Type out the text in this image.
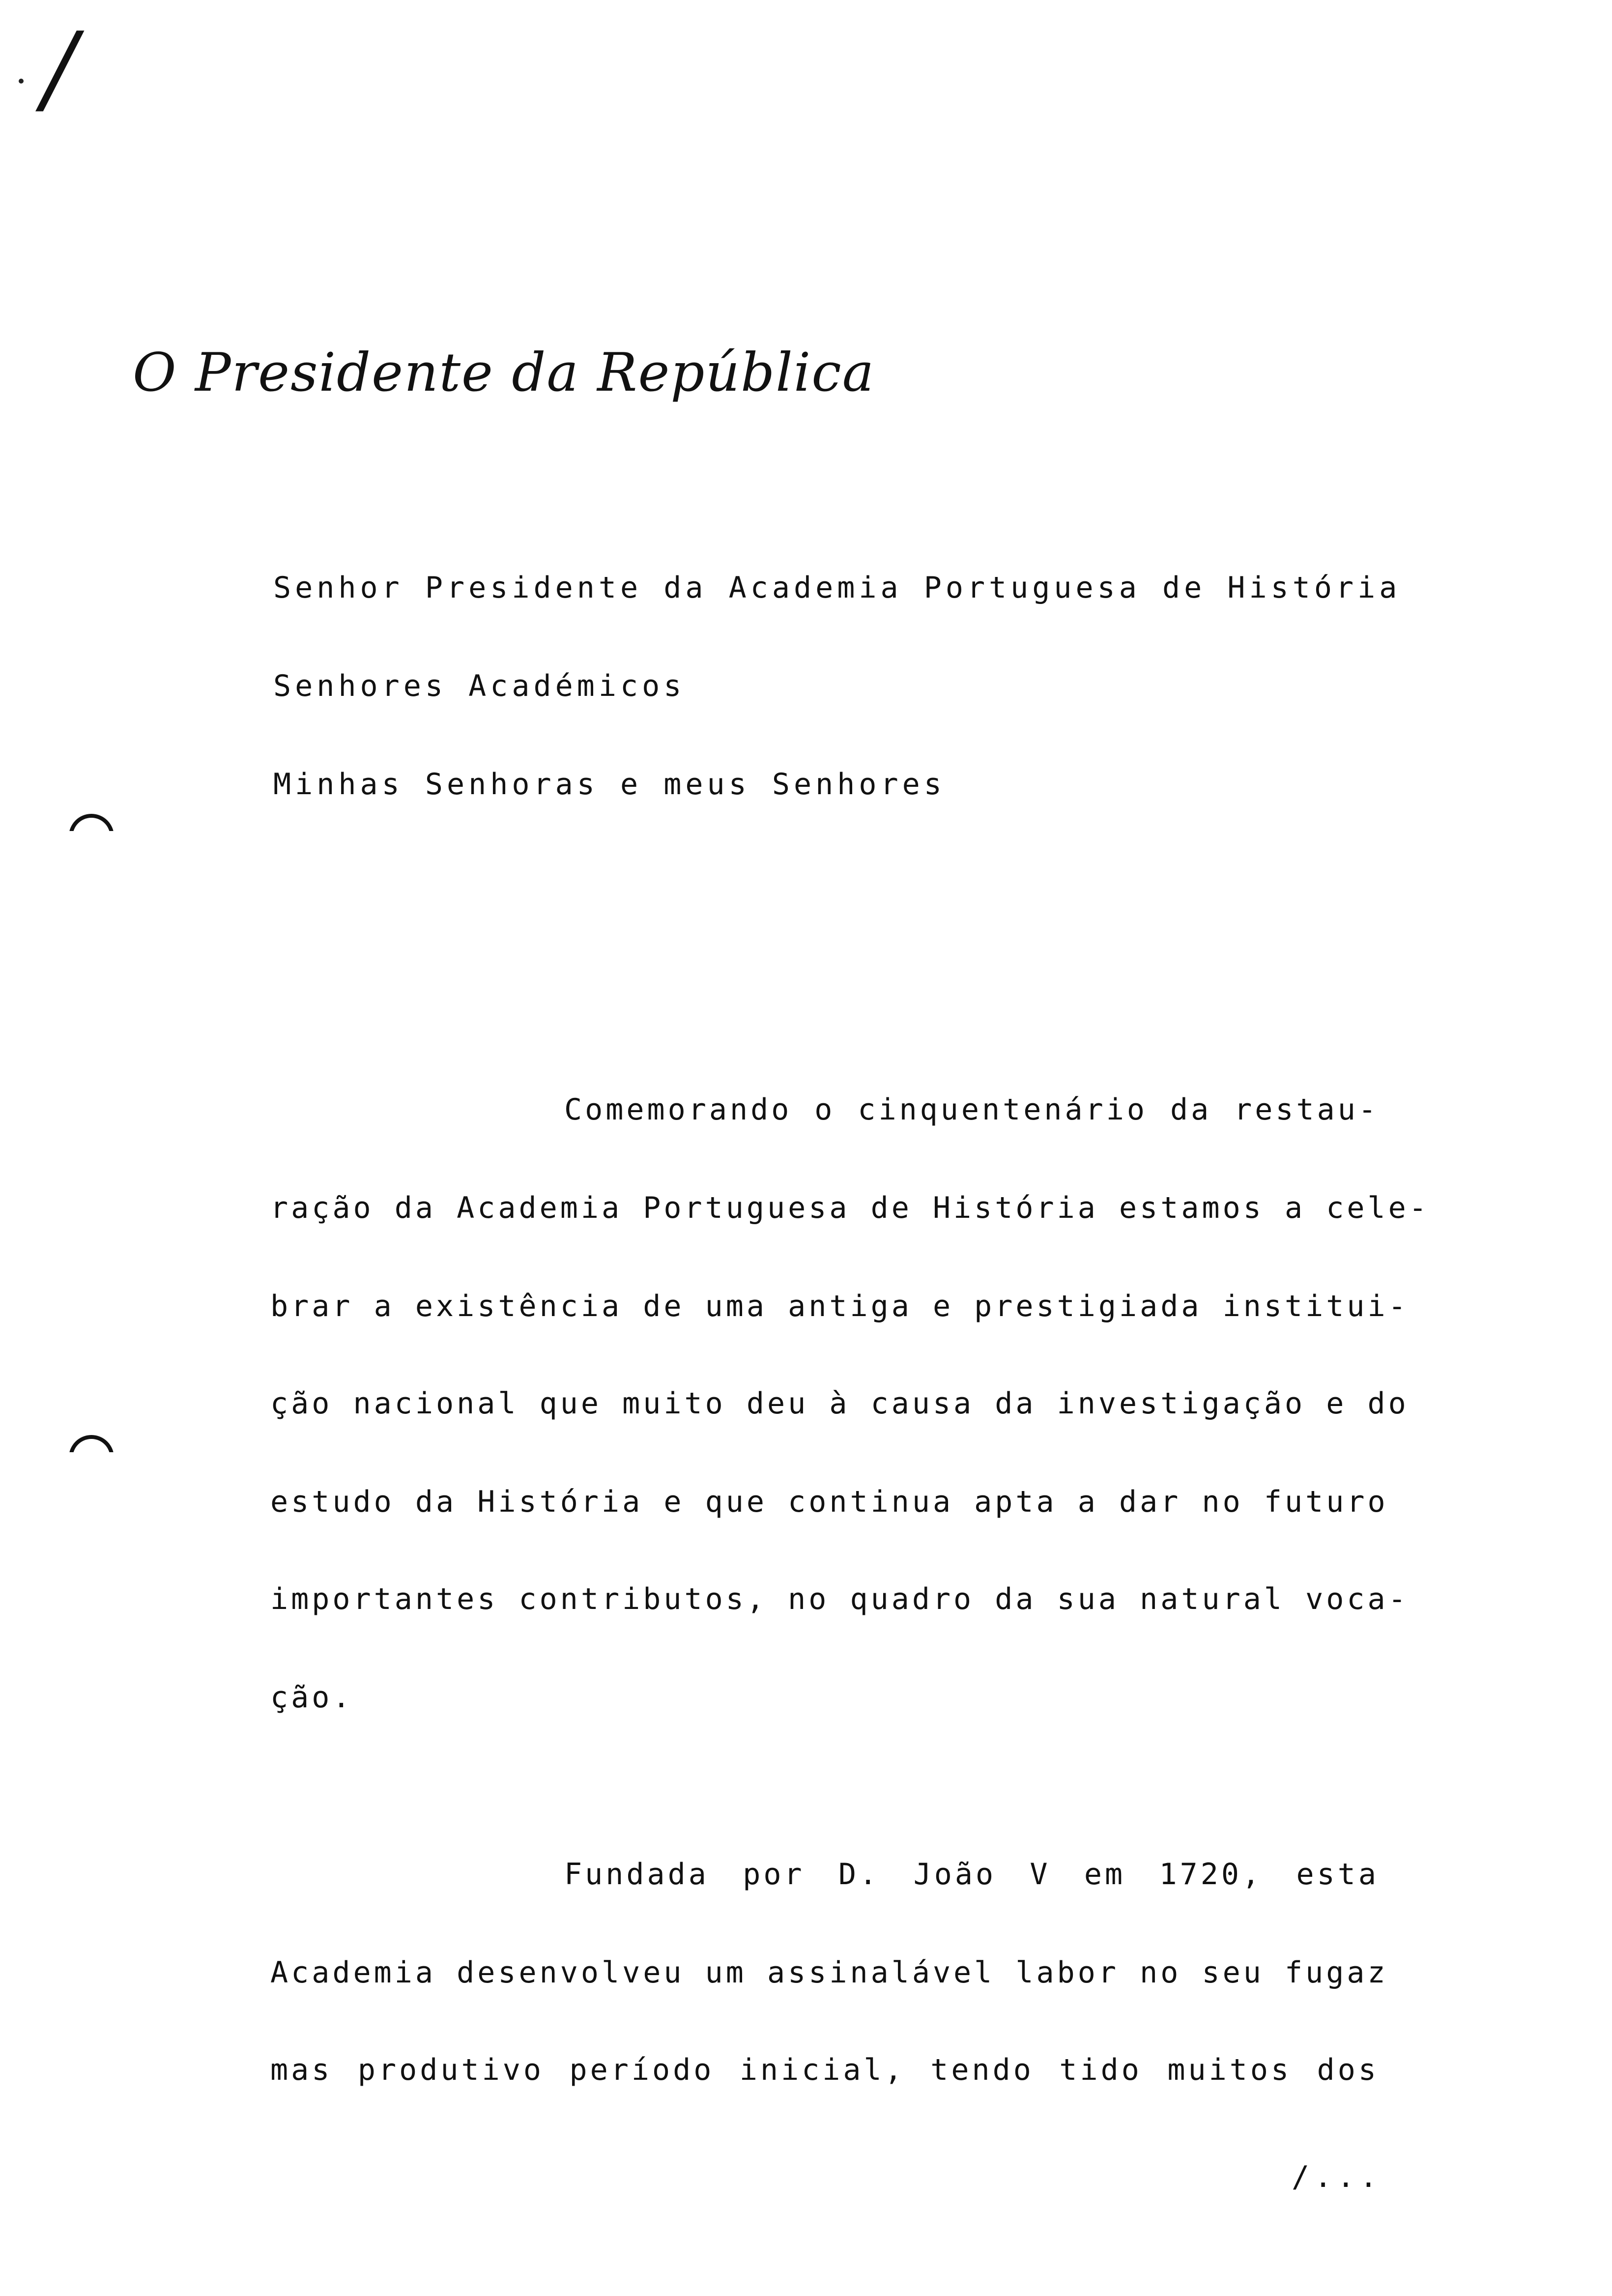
/
O Presidente da República
Senhor Presidente da Academia Portuguesa de História
Senhores Académicos
Minhas Senhoras e meus Senhores
Comemorando o cinquentenário da restau-
ração da Academia Portuguesa de História estamos a cele-
brar a existência de uma antiga e prestigiada institui-
ção nacional que muito deu à causa da investigação e do
estudo da História e que continua apta a dar no futuro
importantes contributos, no quadro da sua natural voca-
ção.
Fundada por D. João V em 1720, esta
Academia desenvolveu um assinalável labor no seu fugaz
mas produtivo período inicial, tendo tido muitos dos
/...
